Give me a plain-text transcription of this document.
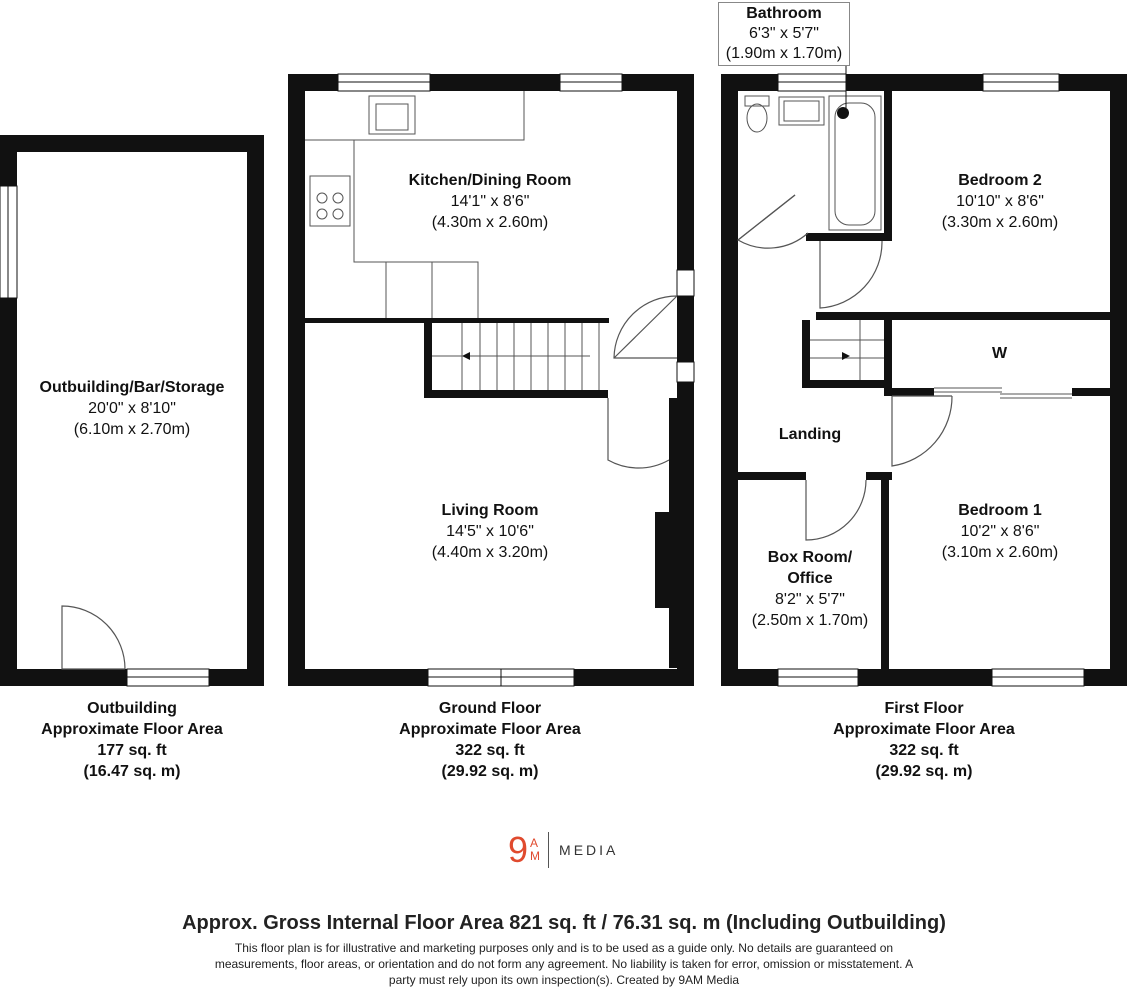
Bathroom
6'3" x 5'7"
(1.90m x 1.70m)
Outbuilding/Bar/Storage
20'0" x 8'10"
(6.10m x 2.70m)
Kitchen/Dining Room
14'1" x 8'6"
(4.30m x 2.60m)
Living Room
14'5" x 10'6"
(4.40m x 3.20m)
Bedroom 2
10'10" x 8'6"
(3.30m x 2.60m)
W
Landing
Bedroom 1
10'2" x 8'6"
(3.10m x 2.60m)
Box Room/
Office
8'2" x 5'7"
(2.50m x 1.70m)
Outbuilding
Approximate Floor Area
177 sq. ft
(16.47 sq. m)
Ground Floor
Approximate Floor Area
322 sq. ft
(29.92 sq. m)
First Floor
Approximate Floor Area
322 sq. ft
(29.92 sq. m)
9 A
M MEDIA
Approx. Gross Internal Floor Area 821 sq. ft / 76.31 sq. m (Including Outbuilding)
This floor plan is for illustrative and marketing purposes only and is to be used as a guide only. No details are guaranteed on measurements, floor areas, or orientation and do not form any agreement. No liability is taken for error, omission or misstatement. A party must rely upon its own inspection(s). Created by 9AM Media
